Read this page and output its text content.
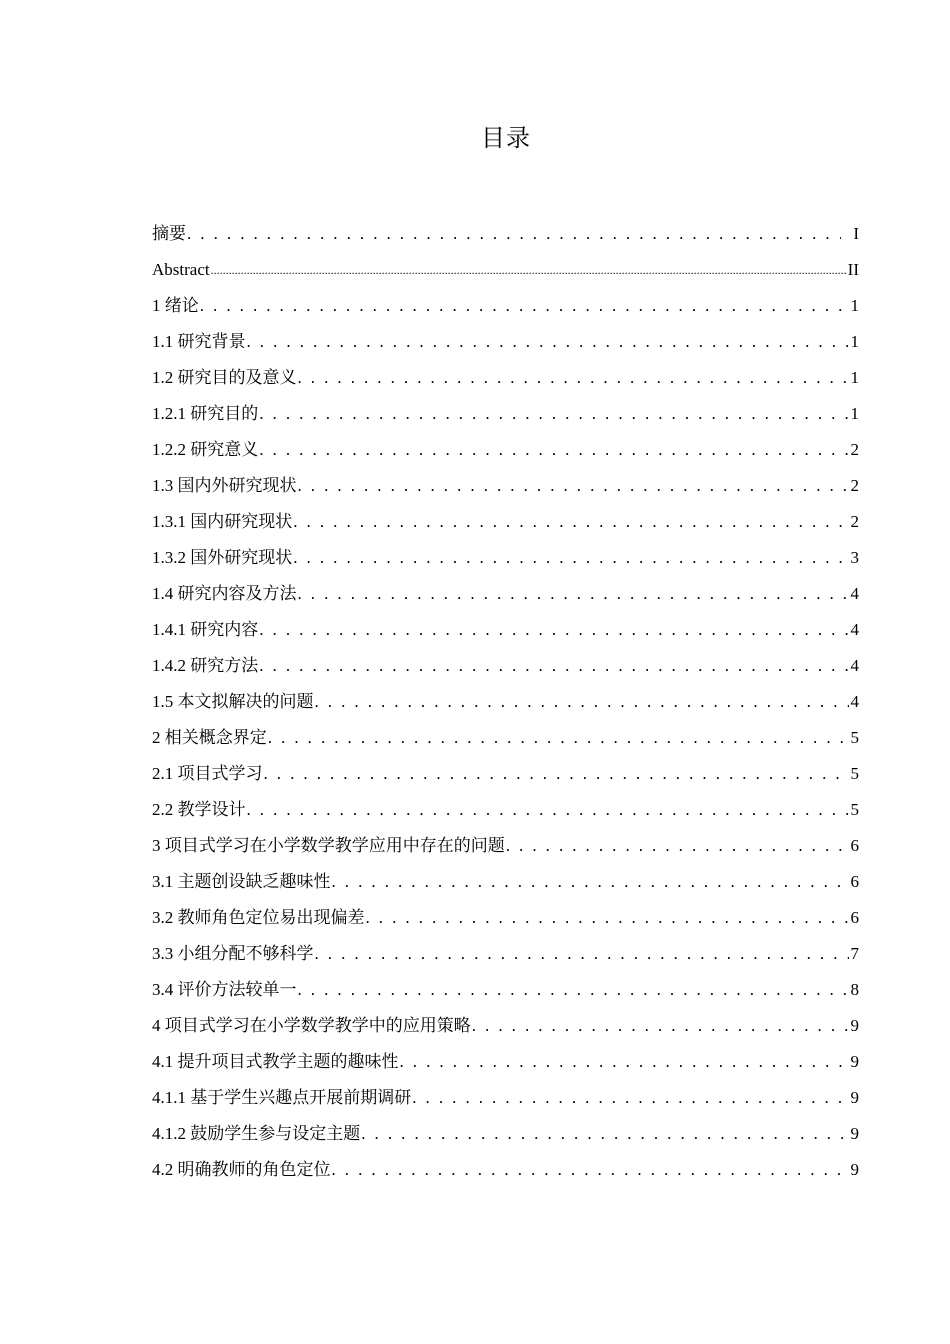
目录
摘要 . . .	I
Abstract .....	II
1 绪论 . . .	1
1.1 研究背景 . . .	1
1.2 研究目的及意义 . . .	1
1.2.1 研究目的 . . .	1
1.2.2 研究意义 . . .	2
1.3 国内外研究现状 . . .	2
1.3.1 国内研究现状 . . .	2
1.3.2 国外研究现状 . . .	3
1.4 研究内容及方法 . . .	4
1.4.1 研究内容 . . .	4
1.4.2 研究方法 . . .	4
1.5 本文拟解决的问题 . . .	4
2 相关概念界定 . . .	5
2.1 项目式学习 . . .	5
2.2 教学设计 . . .	5
3 项目式学习在小学数学教学应用中存在的问题 . . .	6
3.1 主题创设缺乏趣味性 . . .	6
3.2 教师角色定位易出现偏差 . . .	6
3.3 小组分配不够科学 . . .	7
3.4 评价方法较单一 . . .	8
4 项目式学习在小学数学教学中的应用策略 . . .	9
4.1 提升项目式教学主题的趣味性 . . .	9
4.1.1 基于学生兴趣点开展前期调研 . . .	9
4.1.2 鼓励学生参与设定主题 . . .	9
4.2 明确教师的角色定位 . . .	9
